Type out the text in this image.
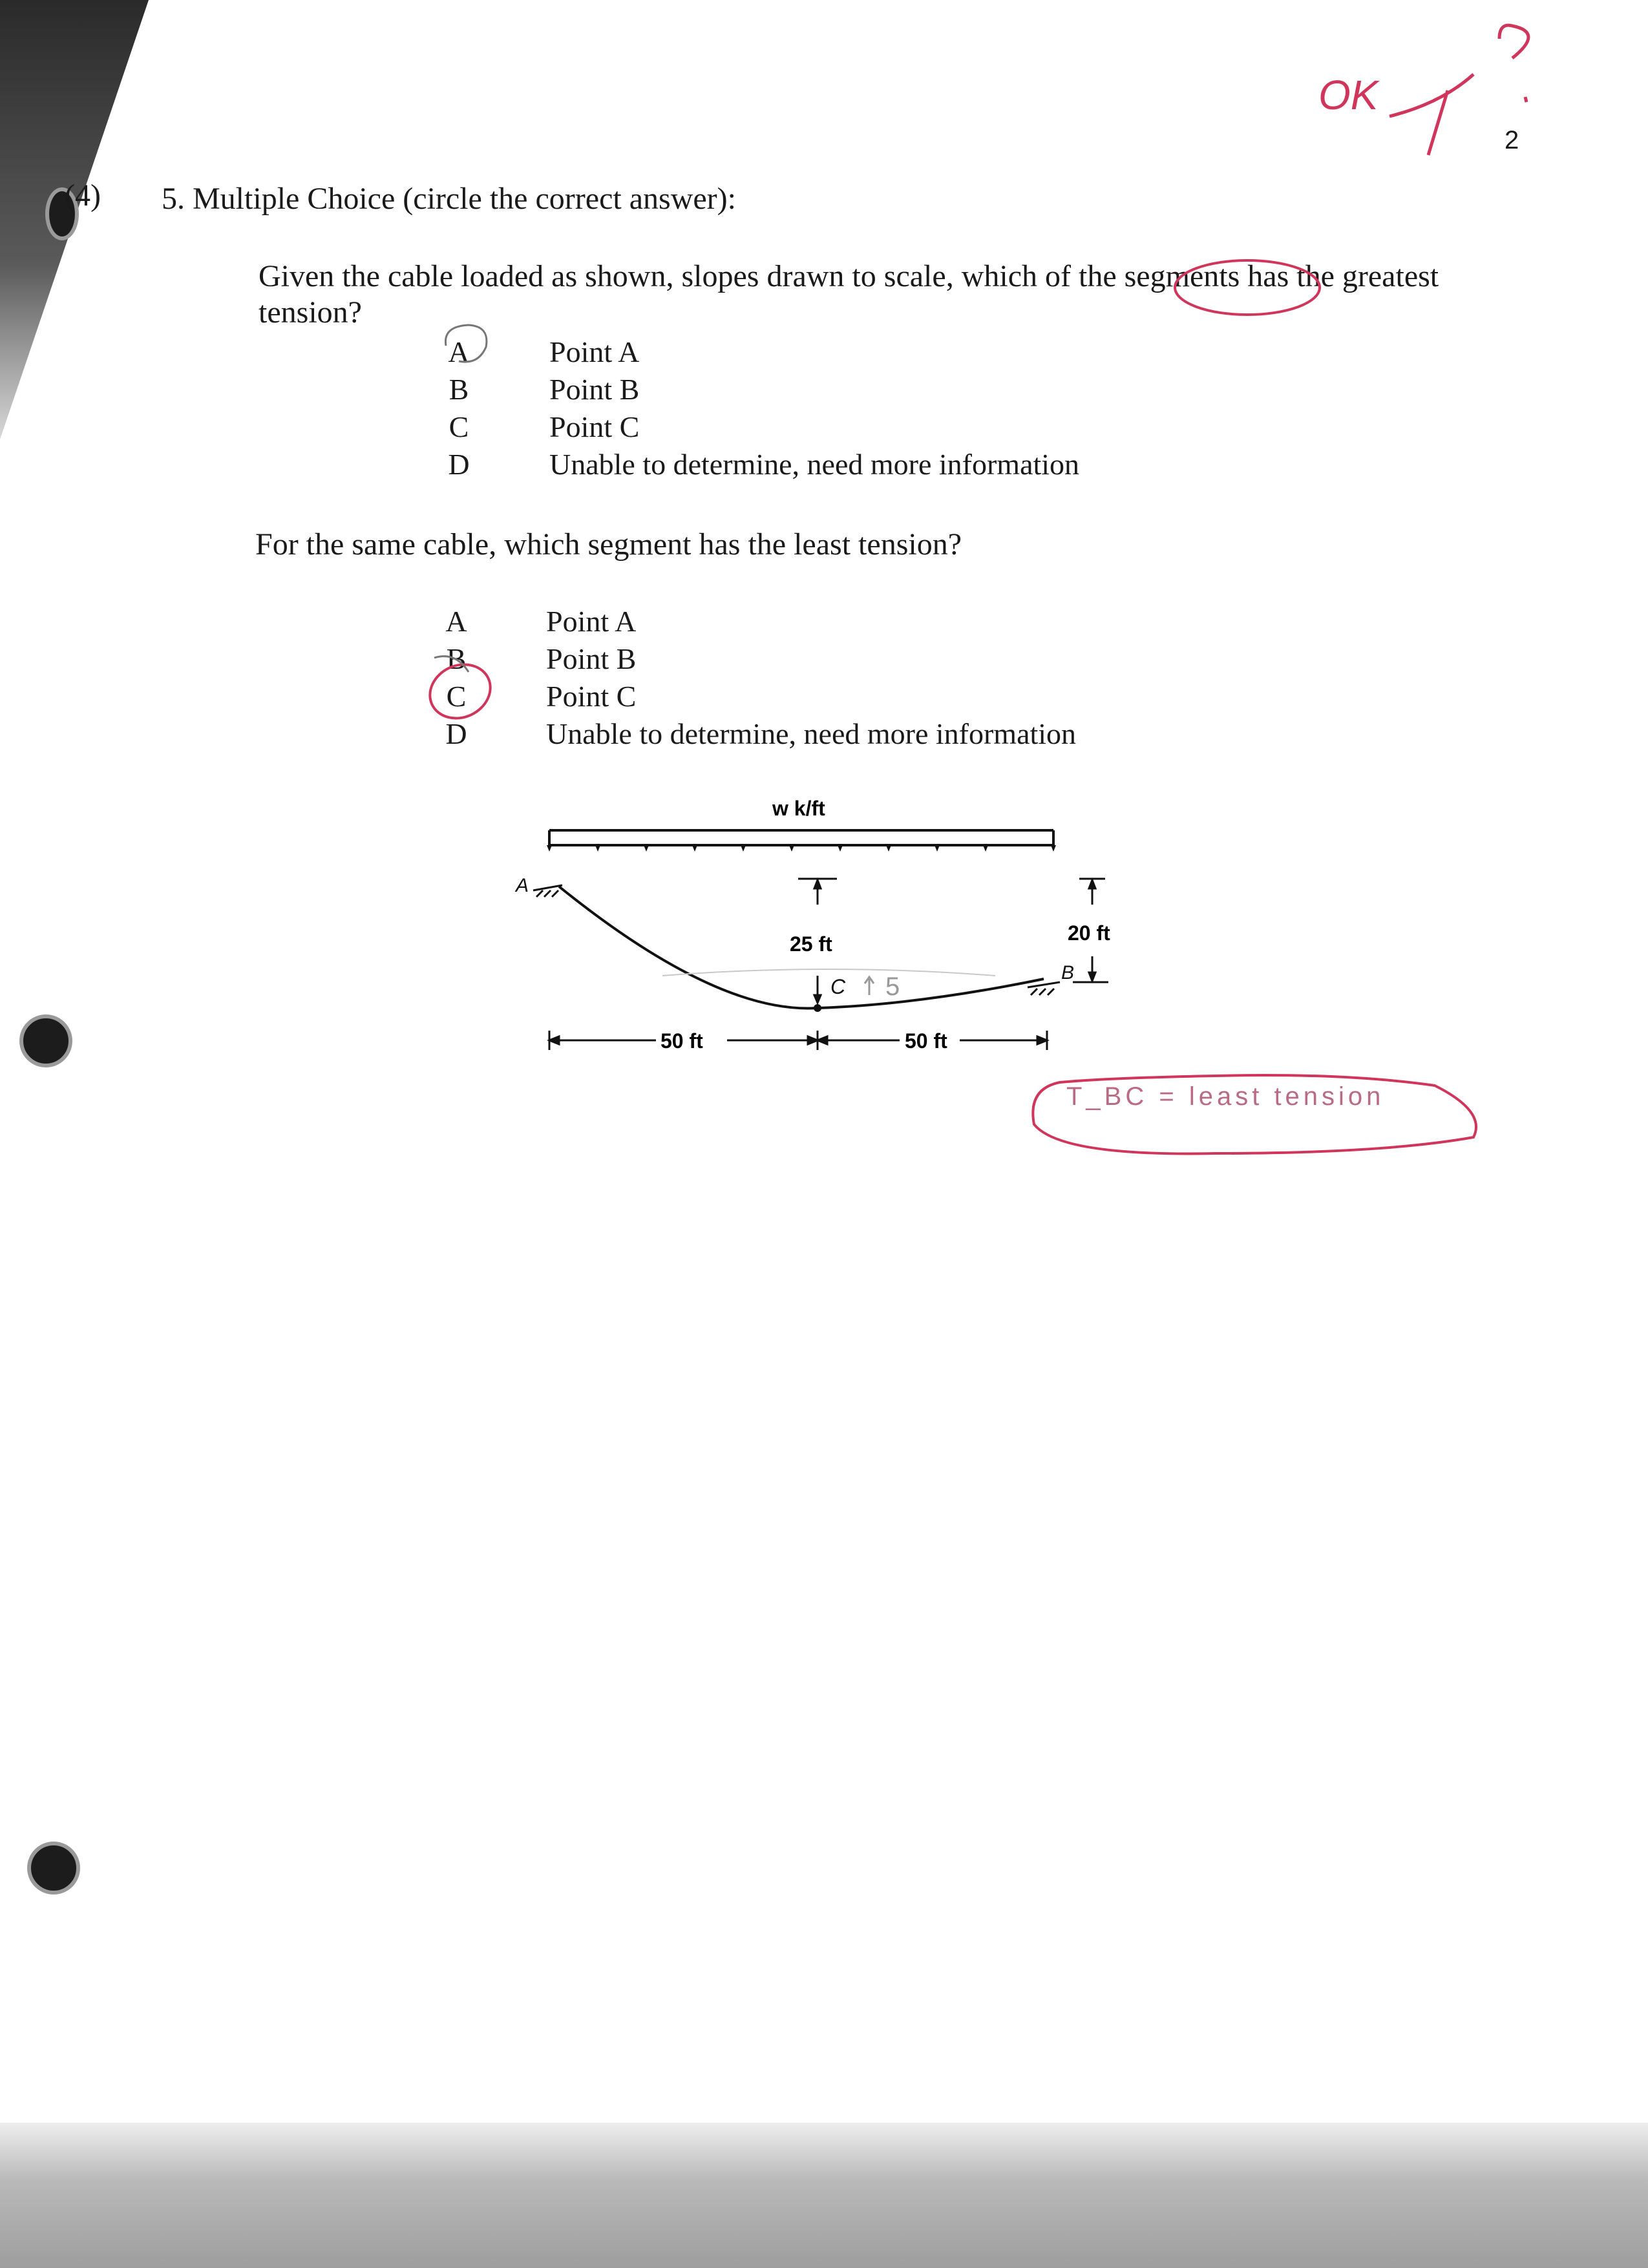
2
OK
(4) 5. Multiple Choice (circle the correct answer):
Given the cable loaded as shown, slopes drawn to scale, which of the segments has the greatest
tension?
A	Point A
B	Point B
C	Point C
D	Unable to determine, need more information
For the same cable, which segment has the least tension?
A	Point A
B	Point B
C	Point C
D	Unable to determine, need more information
w k/ft
A
B
25 ft
C 5
20 ft
50 ft	50 ft
T_BC = least tension
